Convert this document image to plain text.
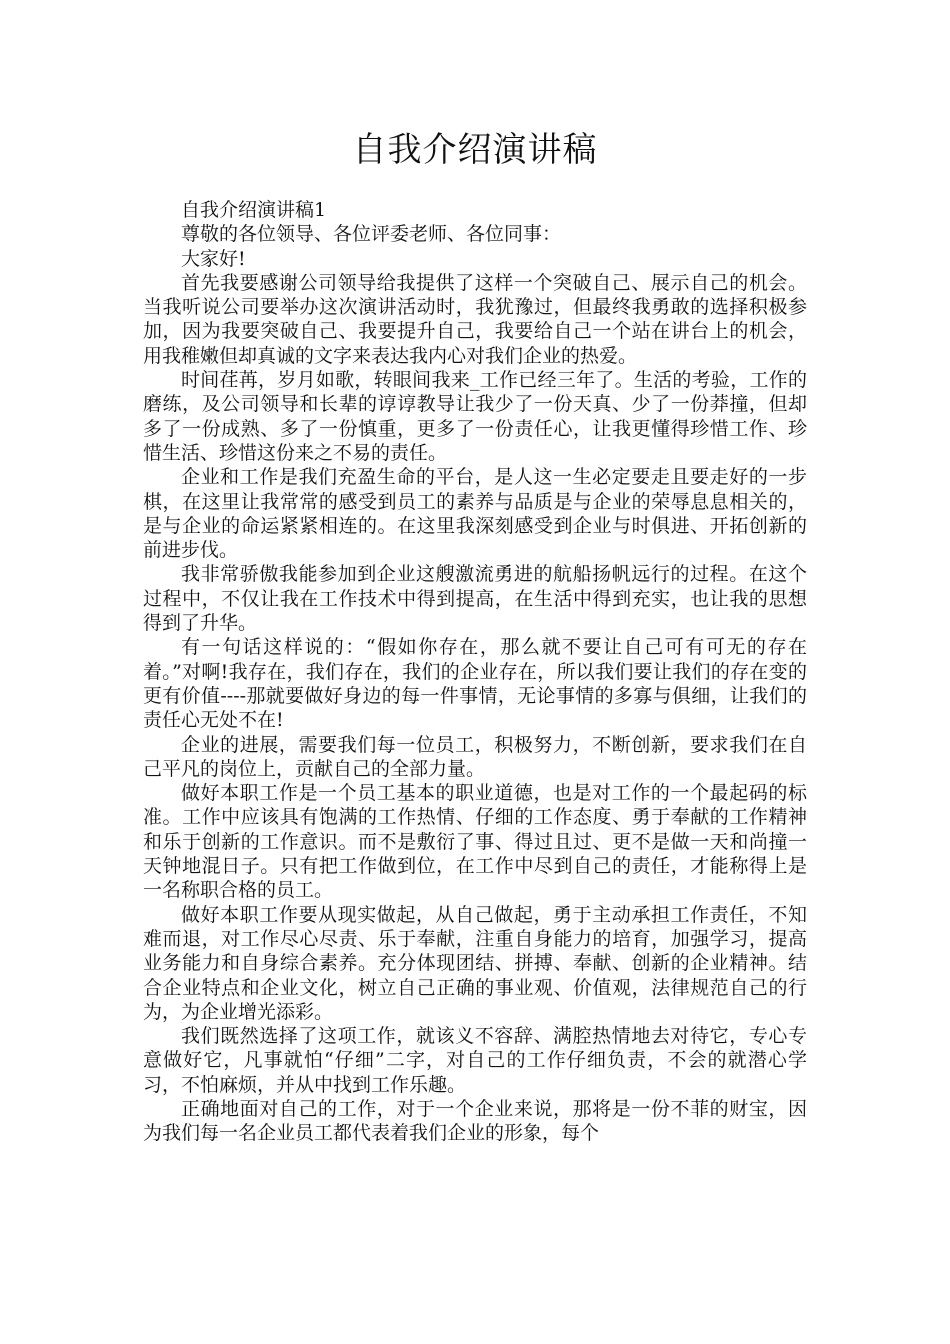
自我介绍演讲稿

自我介绍演讲稿1

尊敬的各位领导、各位评委老师、各位同事：

大家好!

首先我要感谢公司领导给我提供了这样一个突破自己、展示自己的机会。当我听说公司要举办这次演讲活动时，我犹豫过，但最终我勇敢的选择积极参加，因为我要突破自己、我要提升自己，我要给自己一个站在讲台上的机会，用我稚嫩但却真诚的文字来表达我内心对我们企业的热爱。

时间荏苒，岁月如歌，转眼间我来_工作已经三年了。生活的考验，工作的磨练，及公司领导和长辈的谆谆教导让我少了一份天真、少了一份莽撞，但却多了一份成熟、多了一份慎重，更多了一份责任心，让我更懂得珍惜工作、珍惜生活、珍惜这份来之不易的责任。

企业和工作是我们充盈生命的平台，是人这一生必定要走且要走好的一步棋，在这里让我常常的感受到员工的素养与品质是与企业的荣辱息息相关的，是与企业的命运紧紧相连的。在这里我深刻感受到企业与时俱进、开拓创新的前进步伐。

我非常骄傲我能参加到企业这艘激流勇进的航船扬帆远行的过程。在这个过程中，不仅让我在工作技术中得到提高，在生活中得到充实，也让我的思想得到了升华。

有一句话这样说的：“假如你存在，那么就不要让自己可有可无的存在着。”对啊!我存在，我们存在，我们的企业存在，所以我们要让我们的存在变的更有价值----那就要做好身边的每一件事情，无论事情的多寡与俱细，让我们的责任心无处不在!

企业的进展，需要我们每一位员工，积极努力，不断创新，要求我们在自己平凡的岗位上，贡献自己的全部力量。

做好本职工作是一个员工基本的职业道德，也是对工作的一个最起码的标准。工作中应该具有饱满的工作热情、仔细的工作态度、勇于奉献的工作精神和乐于创新的工作意识。而不是敷衍了事、得过且过、更不是做一天和尚撞一天钟地混日子。只有把工作做到位，在工作中尽到自己的责任，才能称得上是一名称职合格的员工。

做好本职工作要从现实做起，从自己做起，勇于主动承担工作责任，不知难而退，对工作尽心尽责、乐于奉献，注重自身能力的培育，加强学习，提高业务能力和自身综合素养。充分体现团结、拼搏、奉献、创新的企业精神。结合企业特点和企业文化，树立自己正确的事业观、价值观，法律规范自己的行为，为企业增光添彩。

我们既然选择了这项工作，就该义不容辞、满腔热情地去对待它，专心专意做好它，凡事就怕“仔细”二字，对自己的工作仔细负责，不会的就潜心学习，不怕麻烦，并从中找到工作乐趣。

正确地面对自己的工作，对于一个企业来说，那将是一份不菲的财宝，因为我们每一名企业员工都代表着我们企业的形象，每个
